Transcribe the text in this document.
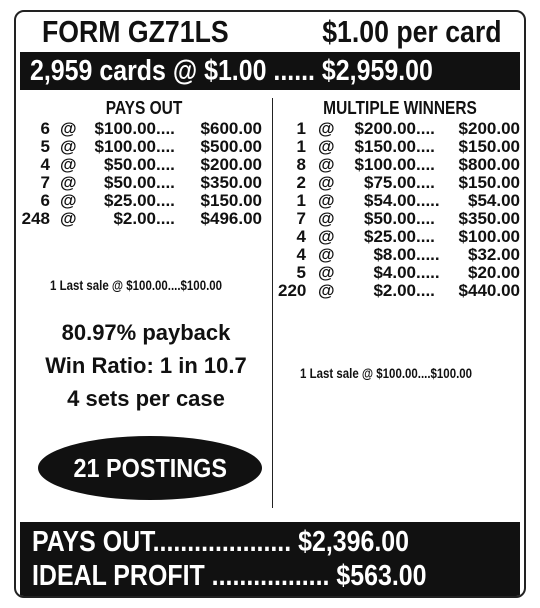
FORM GZ71LS	$1.00 per card
2,959 cards @ $1.00 ...... $2,959.00
PAYS OUT
6 @	$100.00 ....	$600.00
5 @	$100.00 ....	$500.00
4 @	$50.00 ....	$200.00
7 @	$50.00 ....	$350.00
6 @	$25.00 ....	$150.00
248 @	$2.00 ....	$496.00
1 Last sale @ $100.00....$100.00
MULTIPLE WINNERS
1 @	$200.00 ....	$200.00
1 @	$150.00 ....	$150.00
8 @	$100.00 ....	$800.00
2 @	$75.00 ....	$150.00
1 @	$54.00 .....	$54.00
7 @	$50.00 ....	$350.00
4 @	$25.00 ....	$100.00
4 @	$8.00 .....	$32.00
5 @	$4.00 .....	$20.00
220 @	$2.00 ....	$440.00
1 Last sale @ $100.00....$100.00
80.97% payback
Win Ratio: 1 in 10.7
4 sets per case
21 POSTINGS
PAYS OUT.................... $2,396.00
IDEAL PROFIT ................. $563.00
